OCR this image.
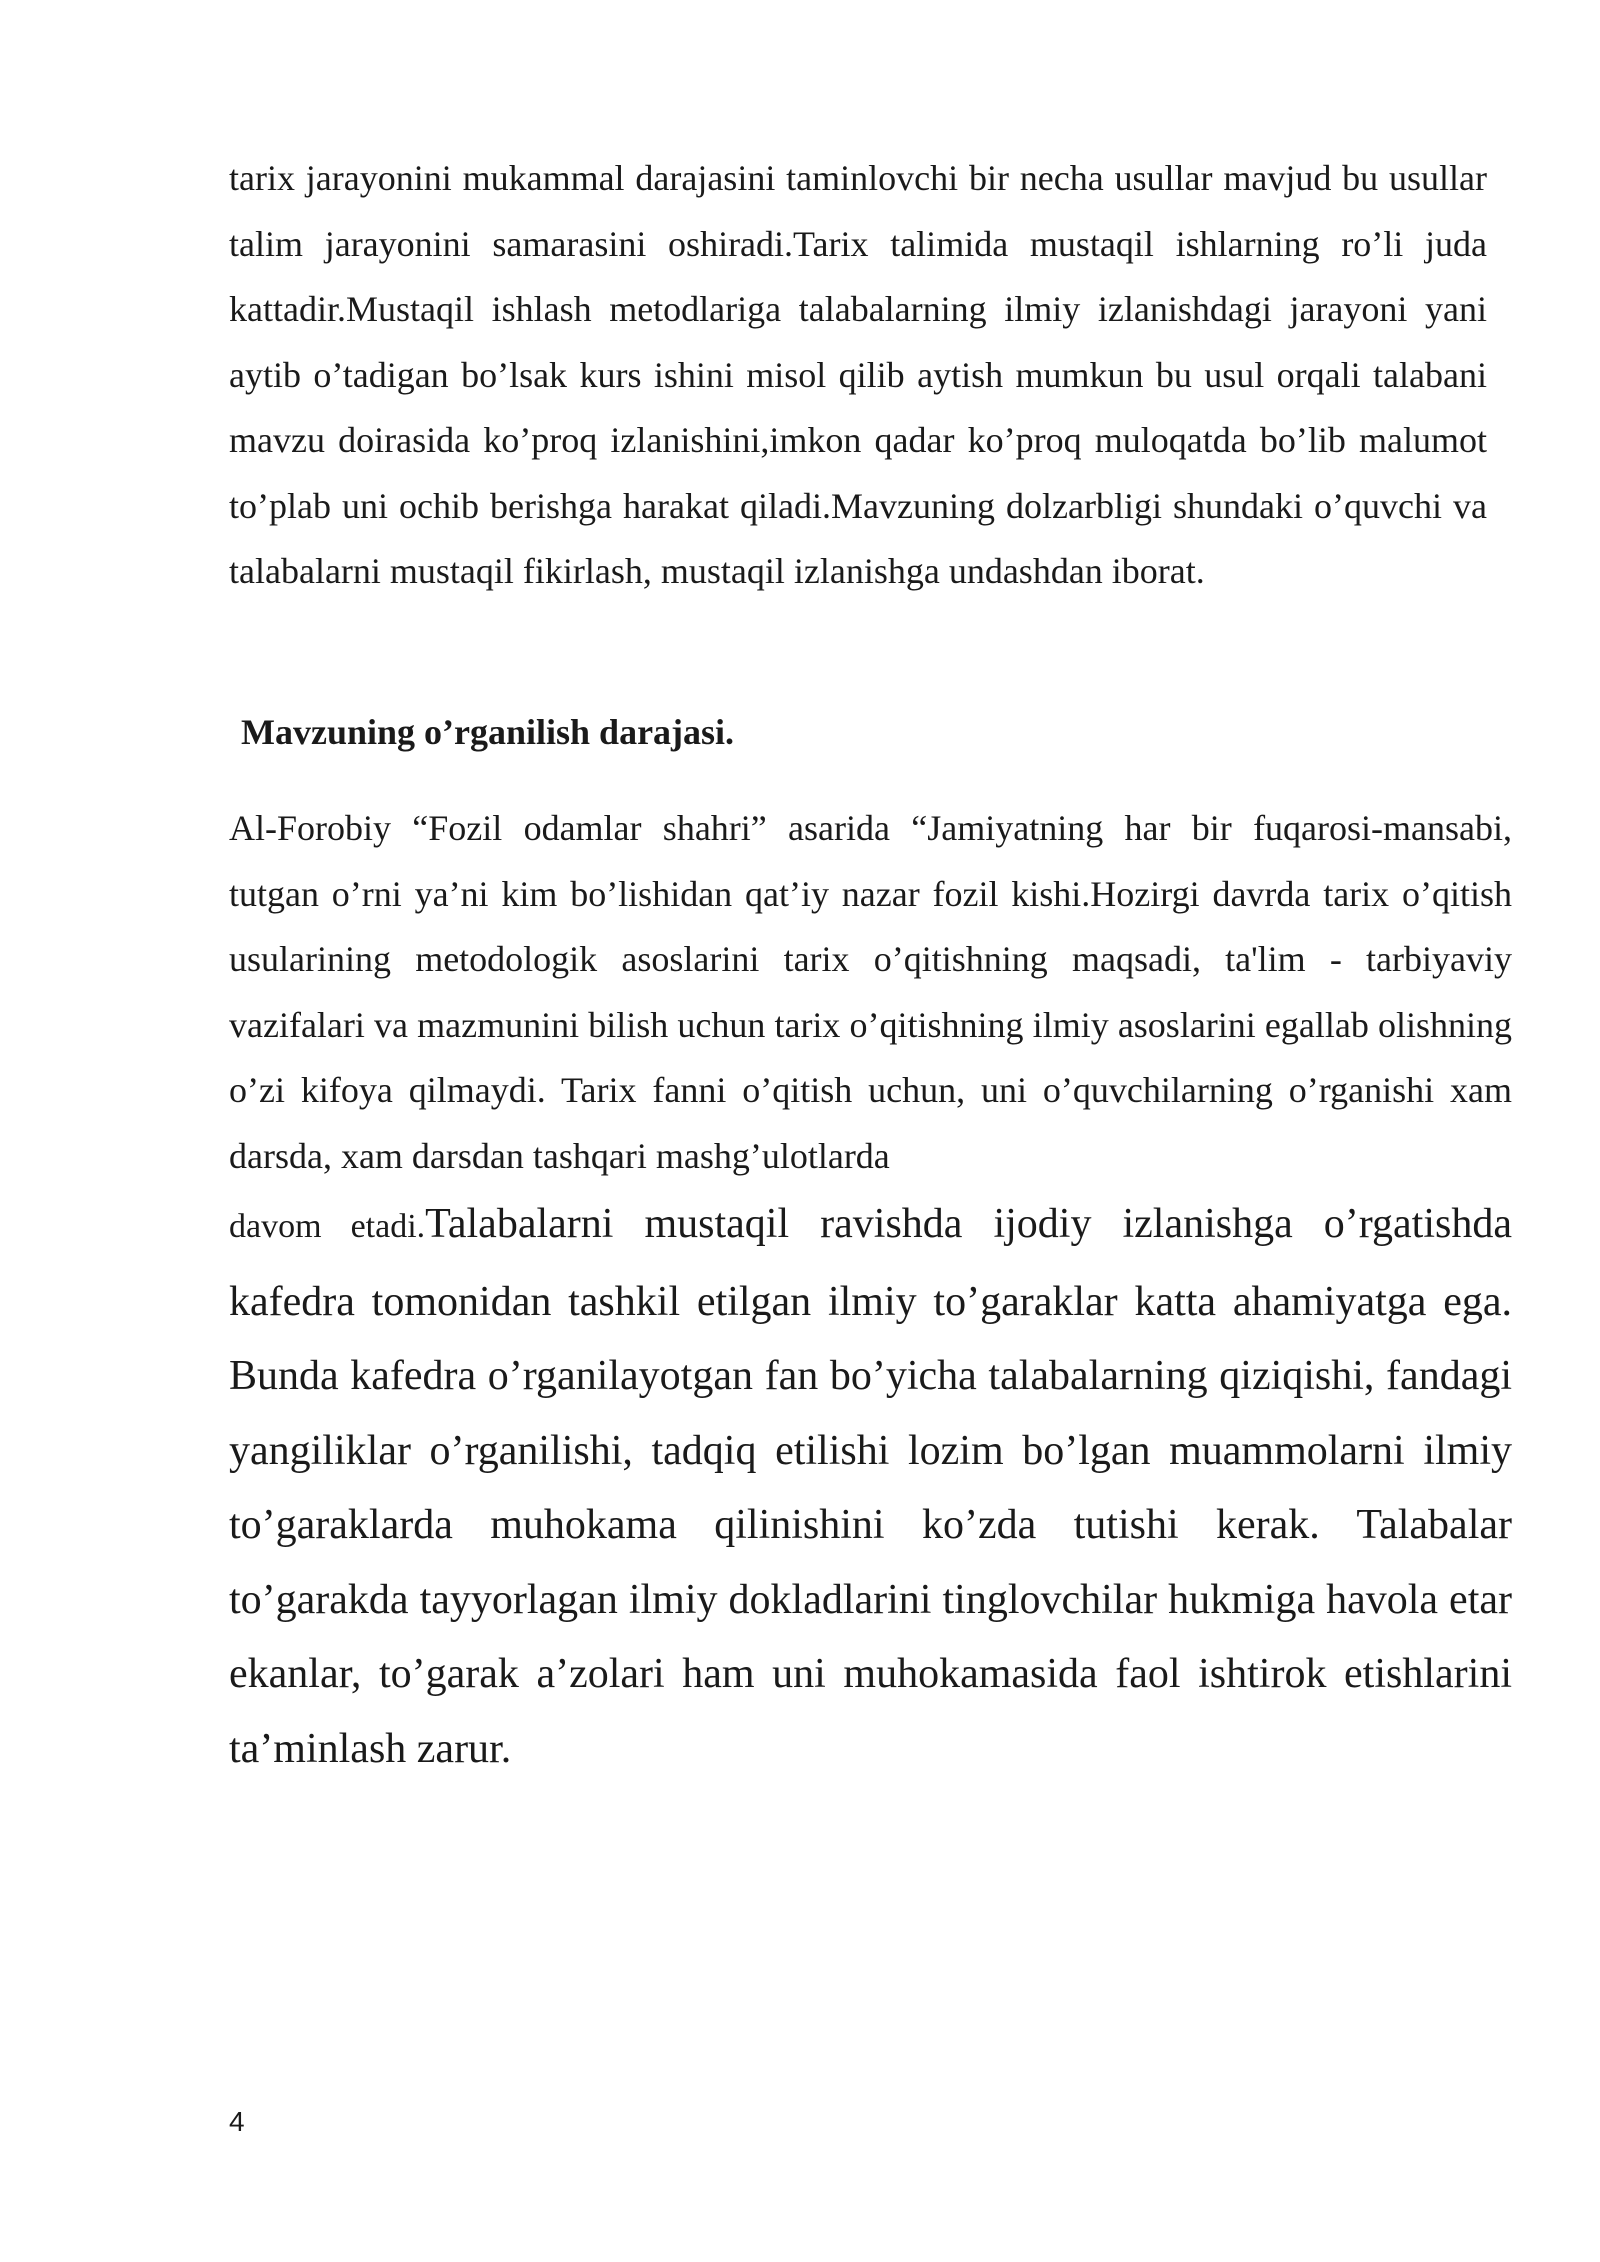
tarix jarayonini mukammal darajasini taminlovchi bir necha usullar mavjud bu usullar talim jarayonini samarasini oshiradi.Tarix talimida mustaqil ishlarning ro’li juda kattadir.Mustaqil ishlash metodlariga talabalarning ilmiy izlanishdagi jarayoni yani aytib o’tadigan bo’lsak kurs ishini misol qilib aytish mumkun bu usul orqali talabani mavzu doirasida ko’proq izlanishini,imkon qadar ko’proq muloqatda bo’lib malumot to’plab uni ochib berishga harakat qiladi.Mavzuning dolzarbligi shundaki o’quvchi va talabalarni mustaqil fikirlash, mustaqil izlanishga undashdan iborat.

Mavzuning o’rganilish darajasi.

Al-Forobiy “Fozil odamlar shahri” asarida “Jamiyatning har bir fuqarosi-mansabi, tutgan o’rni ya’ni kim bo’lishidan qat’iy nazar fozil kishi.Hozirgi davrda tarix o’qitish usularining metodologik asoslarini tarix o’qitishning maqsadi, ta'lim - tarbiyaviy vazifalari va mazmunini bilish uchun tarix o’qitishning ilmiy asoslarini egallab olishning o’zi kifoya qilmaydi. Tarix fanni o’qitish uchun, uni o’quvchilarning o’rganishi xam darsda, xam darsdan tashqari mashg’ulotlarda

davom etadi.Talabalarni mustaqil ravishda ijodiy izlanishga o’rgatishda kafedra tomonidan tashkil etilgan ilmiy to’garaklar katta ahamiyatga ega. Bunda kafedra o’rganilayotgan fan bo’yicha talabalarning qiziqishi, fandagi yangiliklar o’rganilishi, tadqiq etilishi lozim bo’lgan muammolarni ilmiy to’garaklarda muhokama qilinishini ko’zda tutishi kerak. Talabalar to’garakda tayyorlagan ilmiy dokladlarini tinglovchilar hukmiga havola etar ekanlar, to’garak a’zolari ham uni muhokamasida faol ishtirok etishlarini ta’minlash zarur.

4
